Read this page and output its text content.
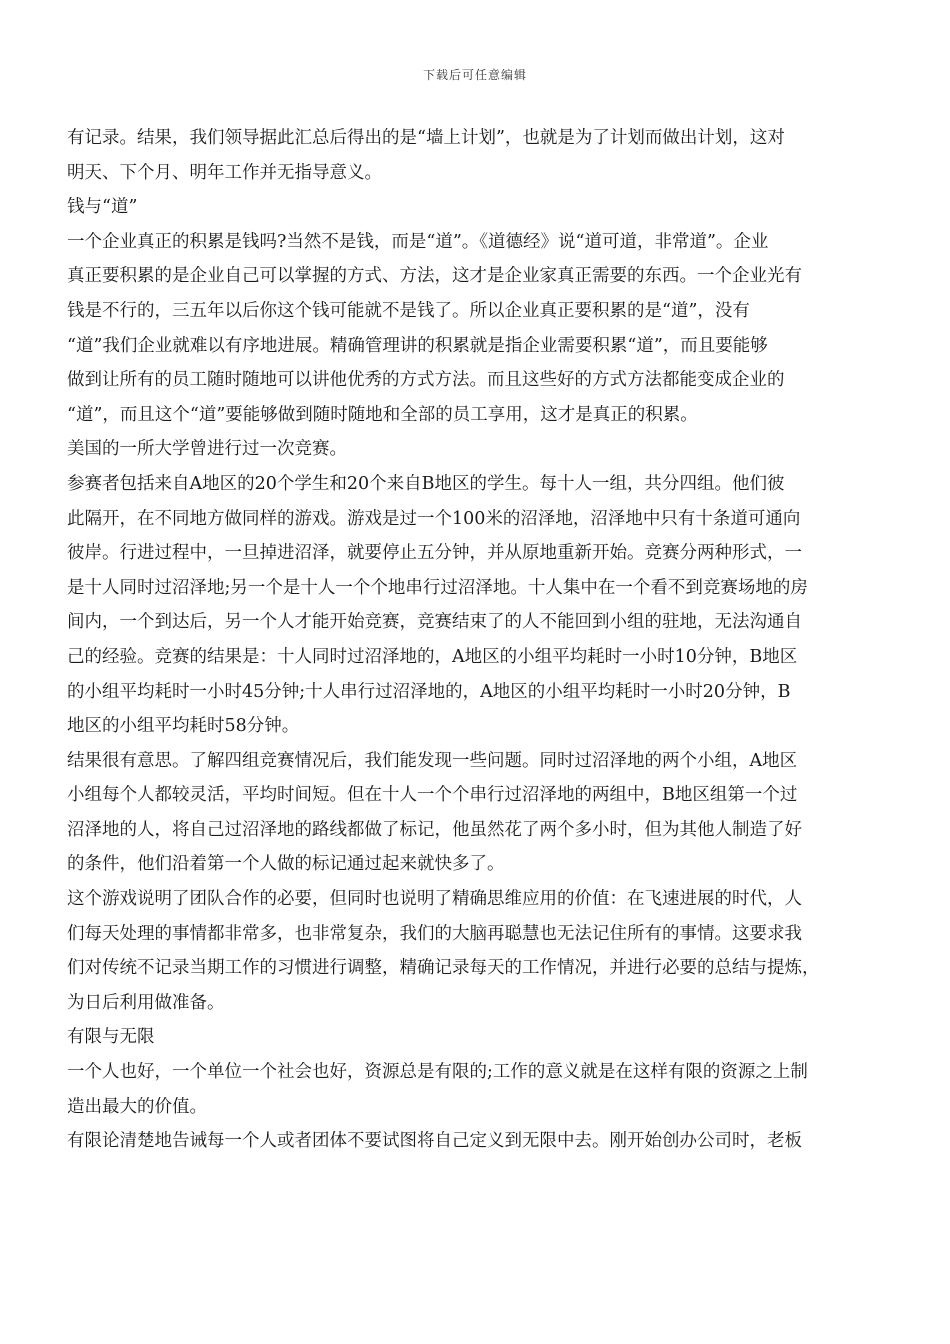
下载后可任意编辑

有记录。结果，我们领导据此汇总后得出的是“墙上计划”，也就是为了计划而做出计划，这对

明天、下个月、明年工作并无指导意义。

钱与“道”

一个企业真正的积累是钱吗?当然不是钱，而是“道”。《道德经》说“道可道，非常道”。企业

真正要积累的是企业自己可以掌握的方式、方法，这才是企业家真正需要的东西。一个企业光有

钱是不行的，三五年以后你这个钱可能就不是钱了。所以企业真正要积累的是“道”，没有

“道”我们企业就难以有序地进展。精确管理讲的积累就是指企业需要积累“道”，而且要能够

做到让所有的员工随时随地可以讲他优秀的方式方法。而且这些好的方式方法都能变成企业的

“道”，而且这个“道”要能够做到随时随地和全部的员工享用，这才是真正的积累。

美国的一所大学曾进行过一次竞赛。

参赛者包括来自A地区的20个学生和20个来自B地区的学生。每十人一组，共分四组。他们彼

此隔开，在不同地方做同样的游戏。游戏是过一个100米的沼泽地，沼泽地中只有十条道可通向

彼岸。行进过程中，一旦掉进沼泽，就要停止五分钟，并从原地重新开始。竞赛分两种形式，一

是十人同时过沼泽地;另一个是十人一个个地串行过沼泽地。十人集中在一个看不到竞赛场地的房

间内，一个到达后，另一个人才能开始竞赛，竞赛结束了的人不能回到小组的驻地，无法沟通自

己的经验。竞赛的结果是：十人同时过沼泽地的，A地区的小组平均耗时一小时10分钟，B地区

的小组平均耗时一小时45分钟;十人串行过沼泽地的，A地区的小组平均耗时一小时20分钟，B

地区的小组平均耗时58分钟。

结果很有意思。了解四组竞赛情况后，我们能发现一些问题。同时过沼泽地的两个小组，A地区

小组每个人都较灵活，平均时间短。但在十人一个个串行过沼泽地的两组中，B地区组第一个过

沼泽地的人，将自己过沼泽地的路线都做了标记，他虽然花了两个多小时，但为其他人制造了好

的条件，他们沿着第一个人做的标记通过起来就快多了。

这个游戏说明了团队合作的必要，但同时也说明了精确思维应用的价值：在飞速进展的时代，人

们每天处理的事情都非常多，也非常复杂，我们的大脑再聪慧也无法记住所有的事情。这要求我

们对传统不记录当期工作的习惯进行调整，精确记录每天的工作情况，并进行必要的总结与提炼，

为日后利用做准备。

有限与无限

一个人也好，一个单位一个社会也好，资源总是有限的;工作的意义就是在这样有限的资源之上制

造出最大的价值。

有限论清楚地告诫每一个人或者团体不要试图将自己定义到无限中去。刚开始创办公司时，老板
